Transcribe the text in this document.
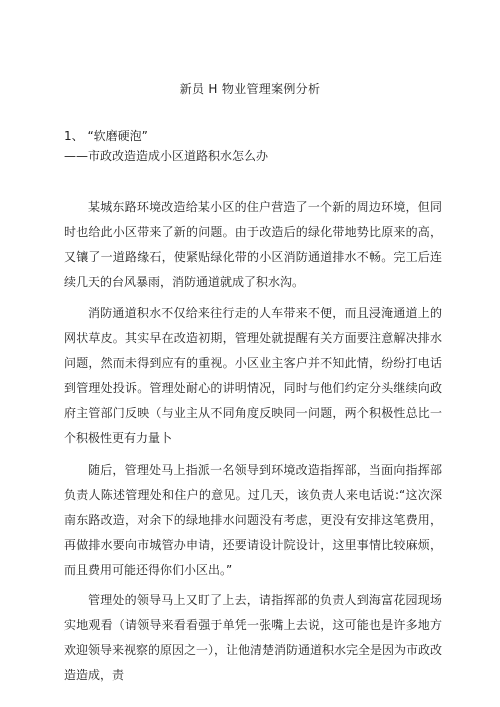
新员 H 物业管理案例分析
1、 “软磨硬泡”
——市政改造造成小区道路积水怎么办

某城东路环境改造给某小区的住户营造了一个新的周边环境，但同时也给此小区带来了新的问题。由于改造后的绿化带地势比原来的高，又镶了一道路缘石，使紧贴绿化带的小区消防通道排水不畅。完工后连续几天的台风暴雨，消防通道就成了积水沟。

消防通道积水不仅给来往行走的人车带来不便，而且浸淹通道上的网状草皮。其实早在改造初期，管理处就提醒有关方面要注意解决排水问题，然而未得到应有的重视。小区业主客户并不知此情，纷纷打电话到管理处投诉。管理处耐心的讲明情况，同时与他们约定分头继续向政府主管部门反映（与业主从不同角度反映同一问题，两个积极性总比一个积极性更有力量卜

随后，管理处马上指派一名领导到环境改造指挥部，当面向指挥部负责人陈述管理处和住户的意见。过几天，该负责人来电话说:“这次深南东路改造，对余下的绿地排水问题没有考虑，更没有安排这笔费用，再做排水要向市城管办申请，还要请设计院设计，这里事情比较麻烦，而且费用可能还得你们小区出。”

管理处的领导马上又盯了上去，请指挥部的负责人到海富花园现场实地观看（请领导来看看强于单凭一张嘴上去说，这可能也是许多地方欢迎领导来视察的原因之一），让他清楚消防通道积水完全是因为市政改造造成，责
